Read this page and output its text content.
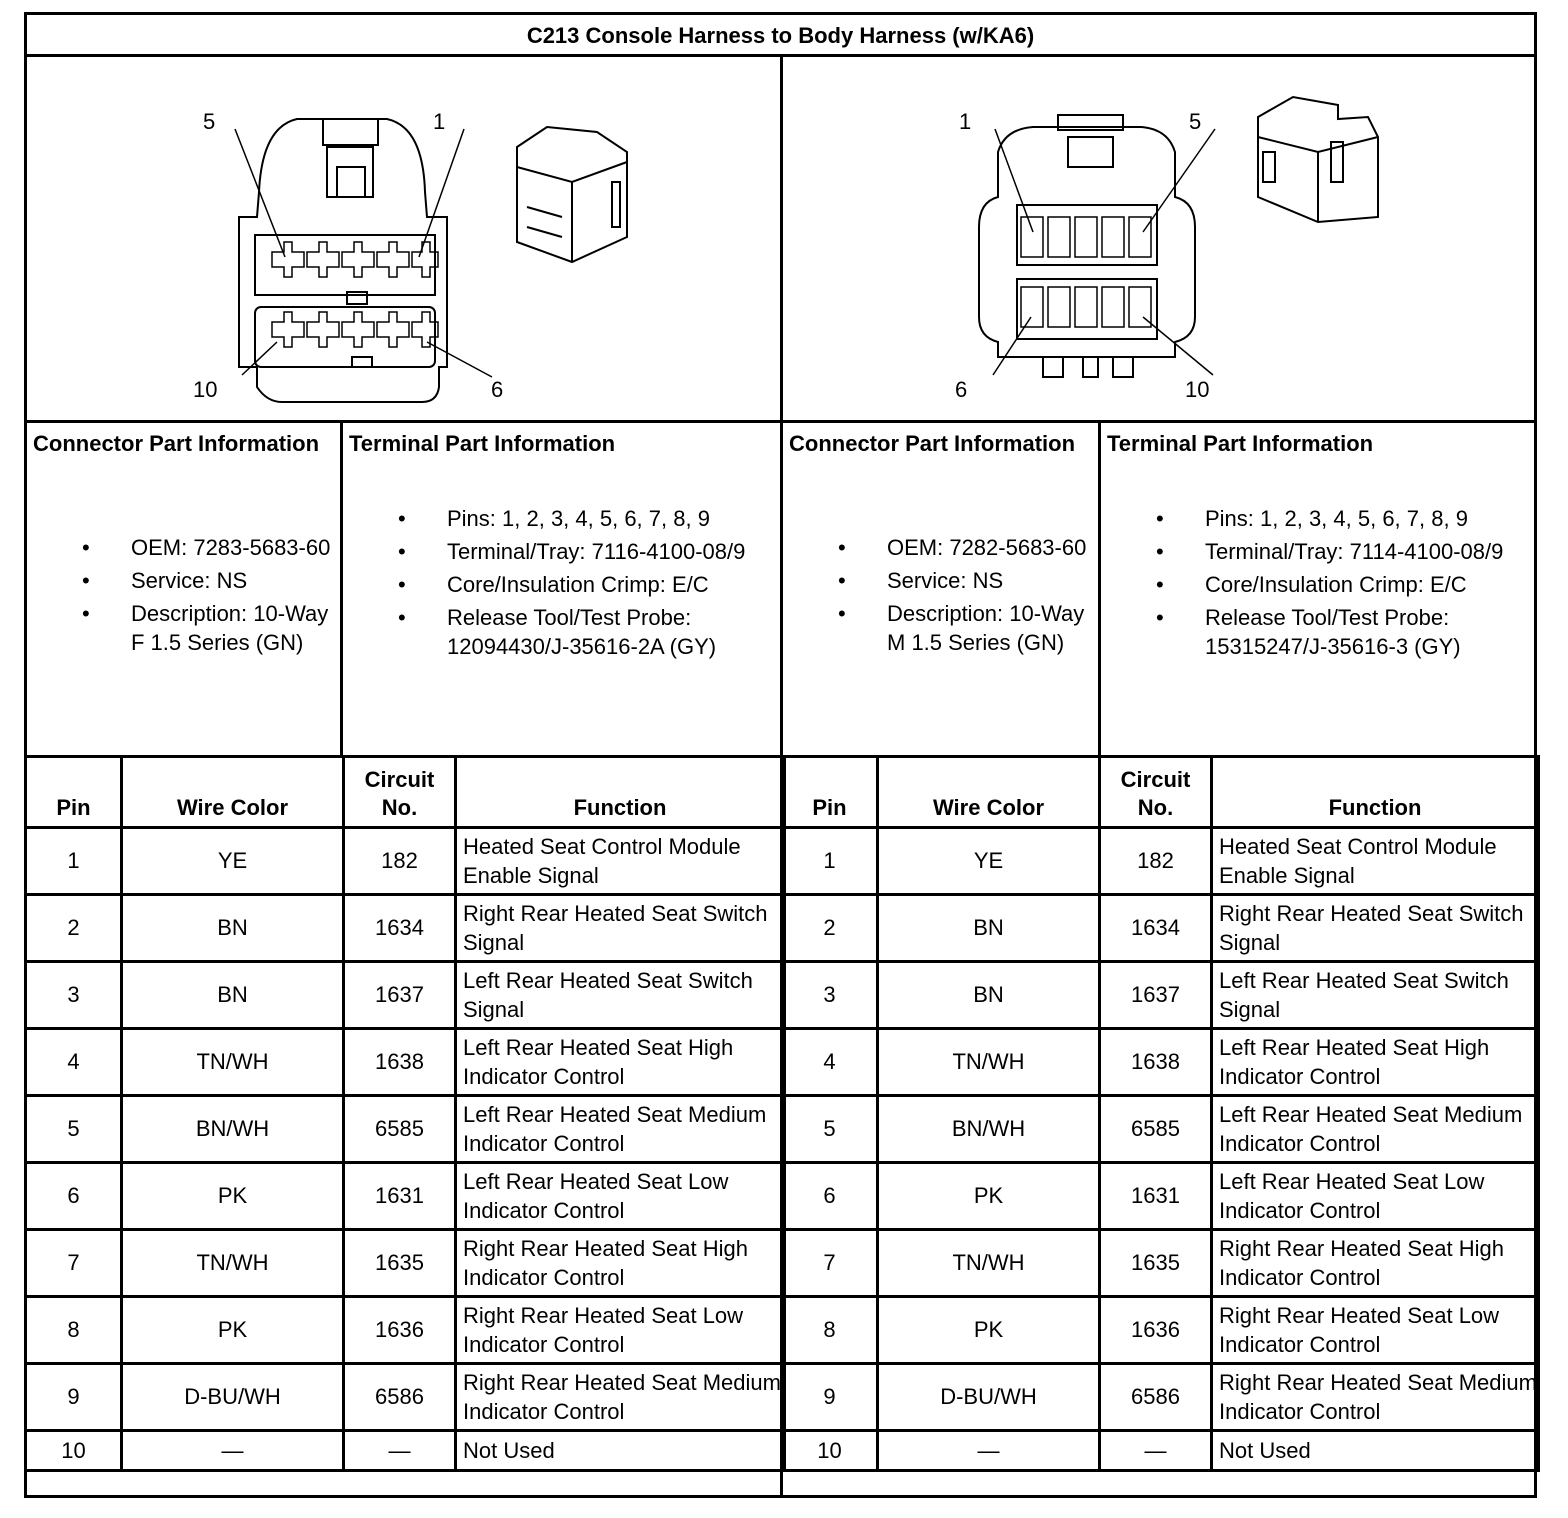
C213 Console Harness to Body Harness (w/KA6)
5	1
10	6
1	5
6	10
Connector Part Information
• OEM: 7283-5683-60
• Service: NS
• Description: 10-Way F 1.5 Series (GN)
Terminal Part Information
• Pins: 1, 2, 3, 4, 5, 6, 7, 8, 9
• Terminal/Tray: 7116-4100-08/9
• Core/Insulation Crimp: E/C
• Release Tool/Test Probe: 12094430/J-35616-2A (GY)
Connector Part Information
• OEM: 7282-5683-60
• Service: NS
• Description: 10-Way M 1.5 Series (GN)
Terminal Part Information
• Pins: 1, 2, 3, 4, 5, 6, 7, 8, 9
• Terminal/Tray: 7114-4100-08/9
• Core/Insulation Crimp: E/C
• Release Tool/Test Probe: 15315247/J-35616-3 (GY)
Pin	Wire Color	Circuit No.	Function
1	YE	182	Heated Seat Control Module Enable Signal
2	BN	1634	Right Rear Heated Seat Switch Signal
3	BN	1637	Left Rear Heated Seat Switch Signal
4	TN/WH	1638	Left Rear Heated Seat High Indicator Control
5	BN/WH	6585	Left Rear Heated Seat Medium Indicator Control
6	PK	1631	Left Rear Heated Seat Low Indicator Control
7	TN/WH	1635	Right Rear Heated Seat High Indicator Control
8	PK	1636	Right Rear Heated Seat Low Indicator Control
9	D-BU/WH	6586	Right Rear Heated Seat Medium Indicator Control
10	—	—	Not Used
Pin	Wire Color	Circuit No.	Function
1	YE	182	Heated Seat Control Module Enable Signal
2	BN	1634	Right Rear Heated Seat Switch Signal
3	BN	1637	Left Rear Heated Seat Switch Signal
4	TN/WH	1638	Left Rear Heated Seat High Indicator Control
5	BN/WH	6585	Left Rear Heated Seat Medium Indicator Control
6	PK	1631	Left Rear Heated Seat Low Indicator Control
7	TN/WH	1635	Right Rear Heated Seat High Indicator Control
8	PK	1636	Right Rear Heated Seat Low Indicator Control
9	D-BU/WH	6586	Right Rear Heated Seat Medium Indicator Control
10	—	—	Not Used
